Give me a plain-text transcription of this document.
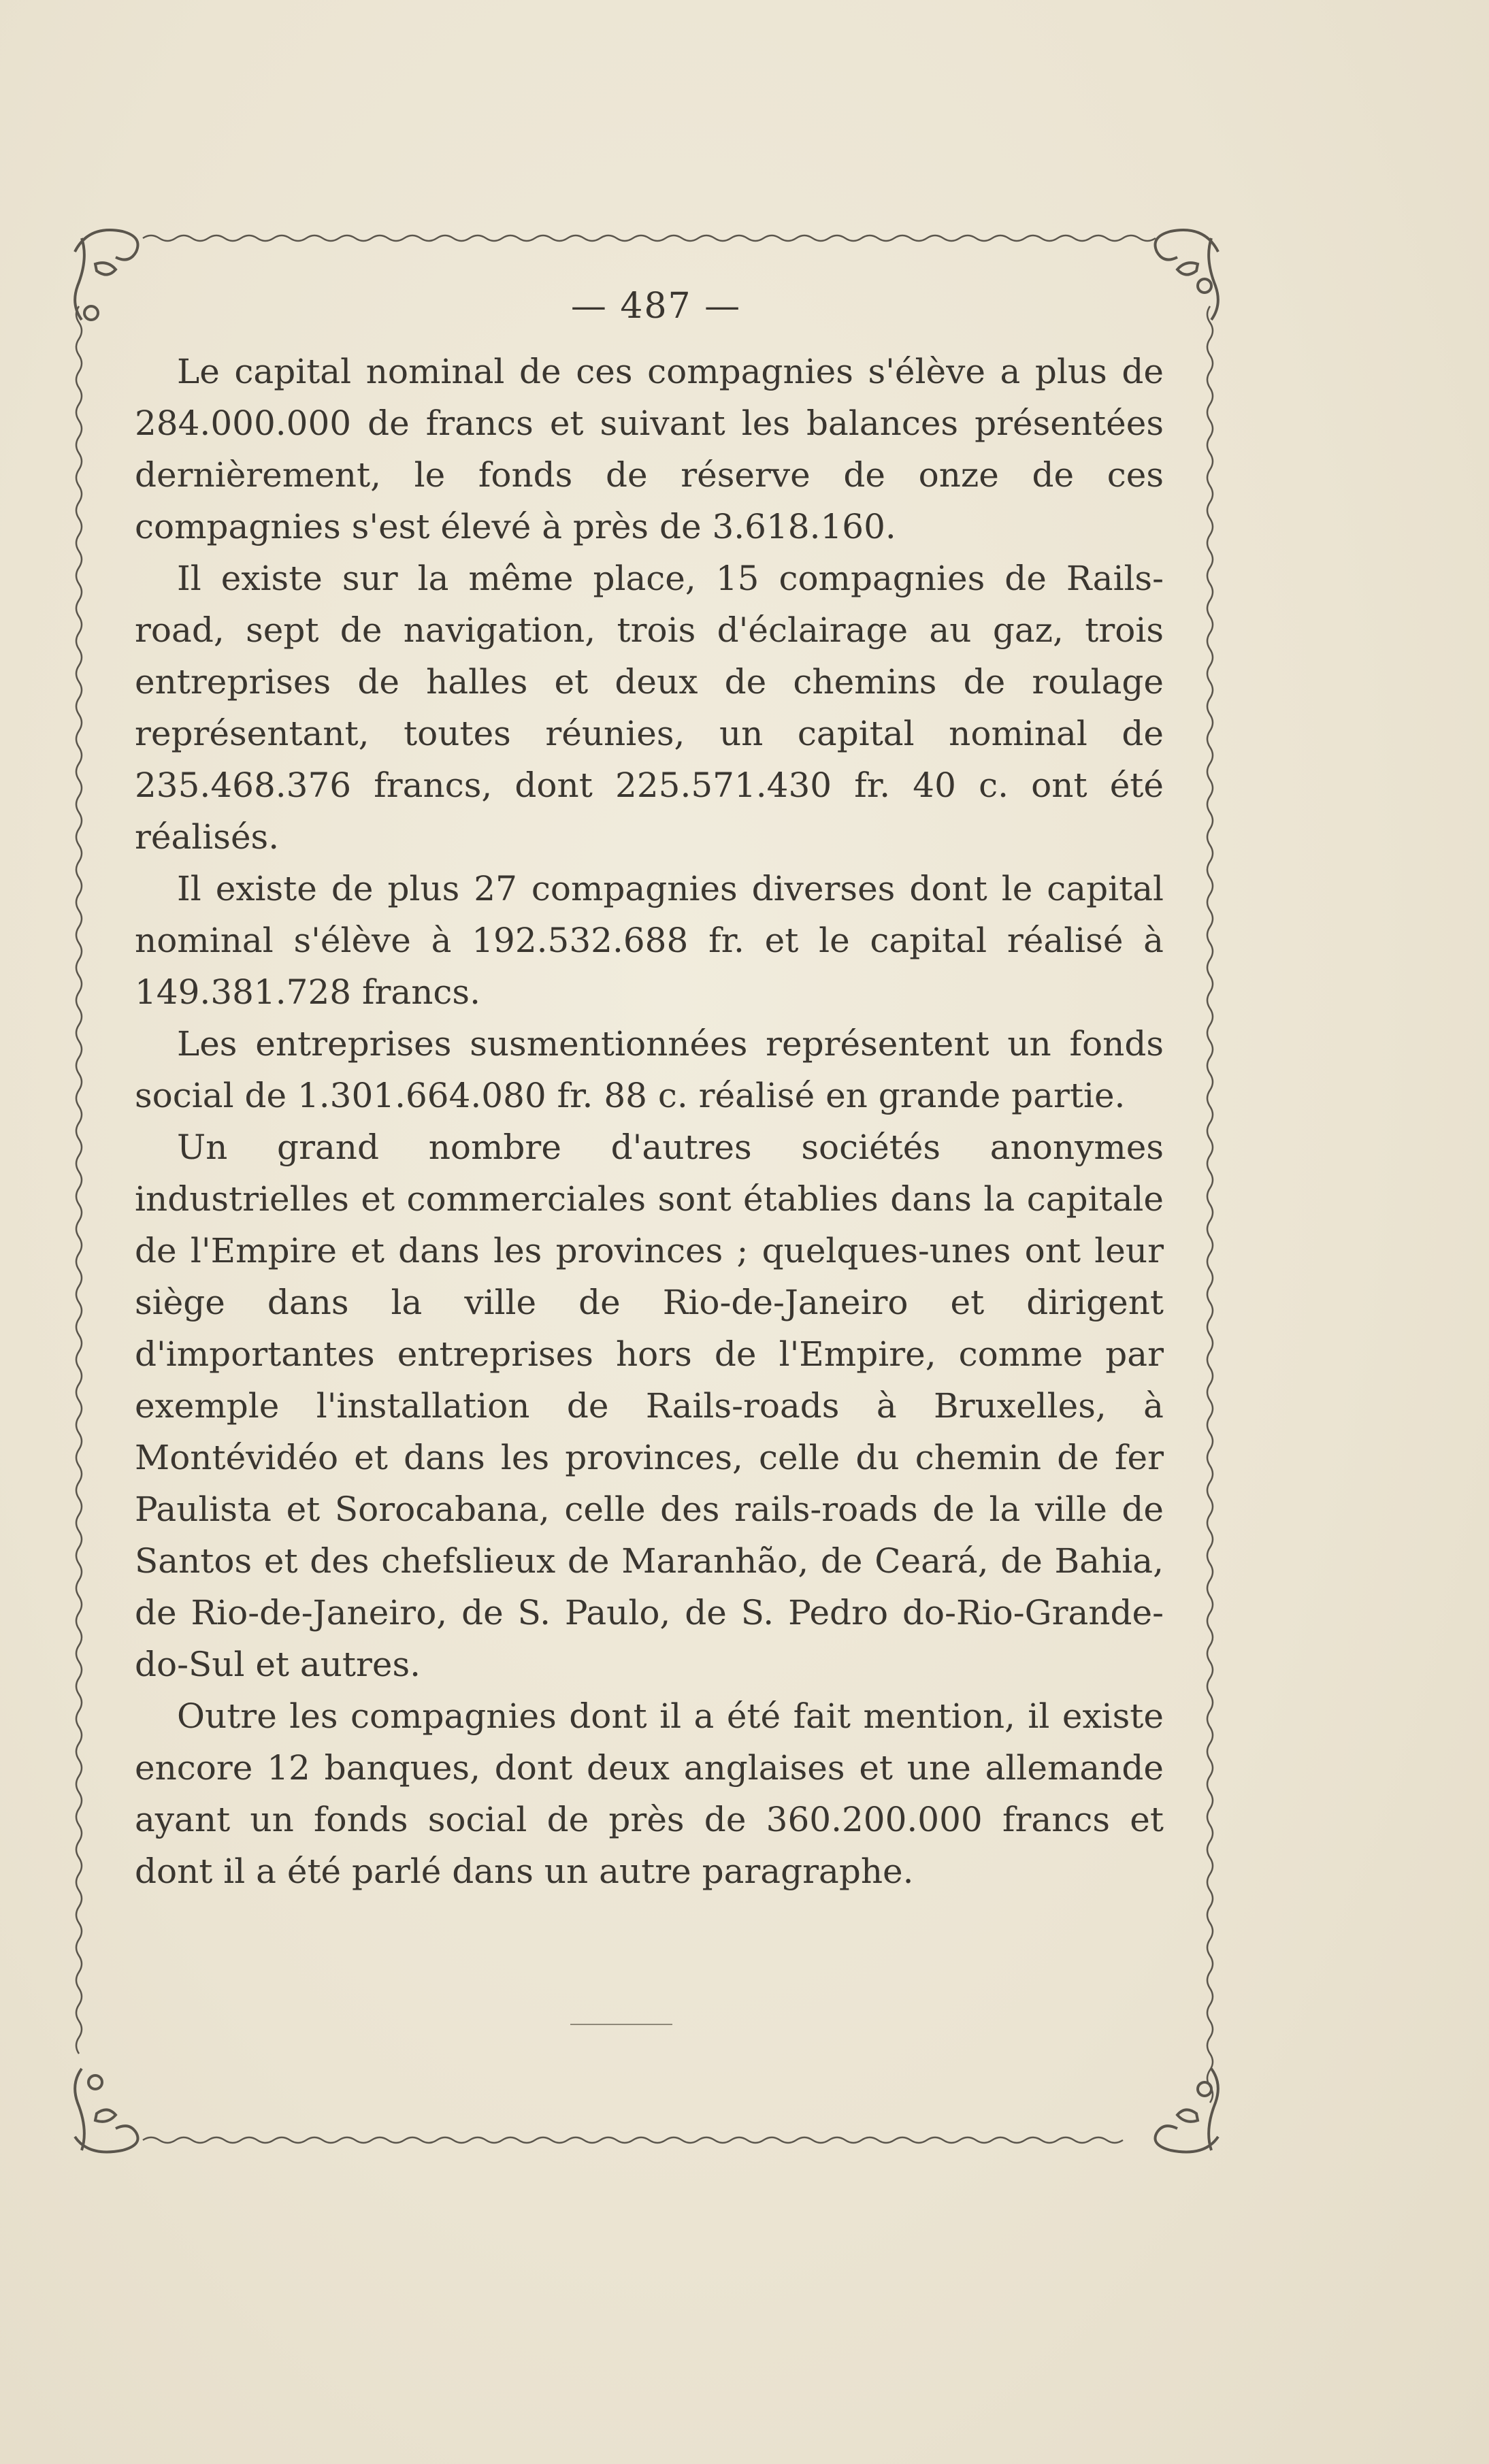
— 487 —

Le capital nominal de ces compagnies s'élève a plus de 284.000.000 de francs et suivant les balances présentées dernièrement, le fonds de réserve de onze de ces compagnies s'est élevé à près de 3.618.160.

Il existe sur la même place, 15 compagnies de Rails-road, sept de navigation, trois d'éclairage au gaz, trois entreprises de halles et deux de chemins de roulage représentant, toutes réunies, un capital nominal de 235.468.376 francs, dont 225.571.430 fr. 40 c. ont été réalisés.

Il existe de plus 27 compagnies diverses dont le capital nominal s'élève à 192.532.688 fr. et le capital réalisé à 149.381.728 francs.

Les entreprises susmentionnées représentent un fonds social de 1.301.664.080 fr. 88 c. réalisé en grande partie.

Un grand nombre d'autres sociétés anonymes industrielles et commerciales sont établies dans la capitale de l'Empire et dans les provinces ; quelques-unes ont leur siège dans la ville de Rio-de-Janeiro et dirigent d'importantes entreprises hors de l'Empire, comme par exemple l'installation de Rails-roads à Bruxelles, à Montévidéo et dans les provinces, celle du chemin de fer Paulista et Sorocabana, celle des rails-roads de la ville de Santos et des chefslieux de Maranhão, de Ceará, de Bahia, de Rio-de-Janeiro, de S. Paulo, de S. Pedro do-Rio-Grande-do-Sul et autres.

Outre les compagnies dont il a été fait mention, il existe encore 12 banques, dont deux anglaises et une allemande ayant un fonds social de près de 360.200.000 francs et dont il a été parlé dans un autre paragraphe.
